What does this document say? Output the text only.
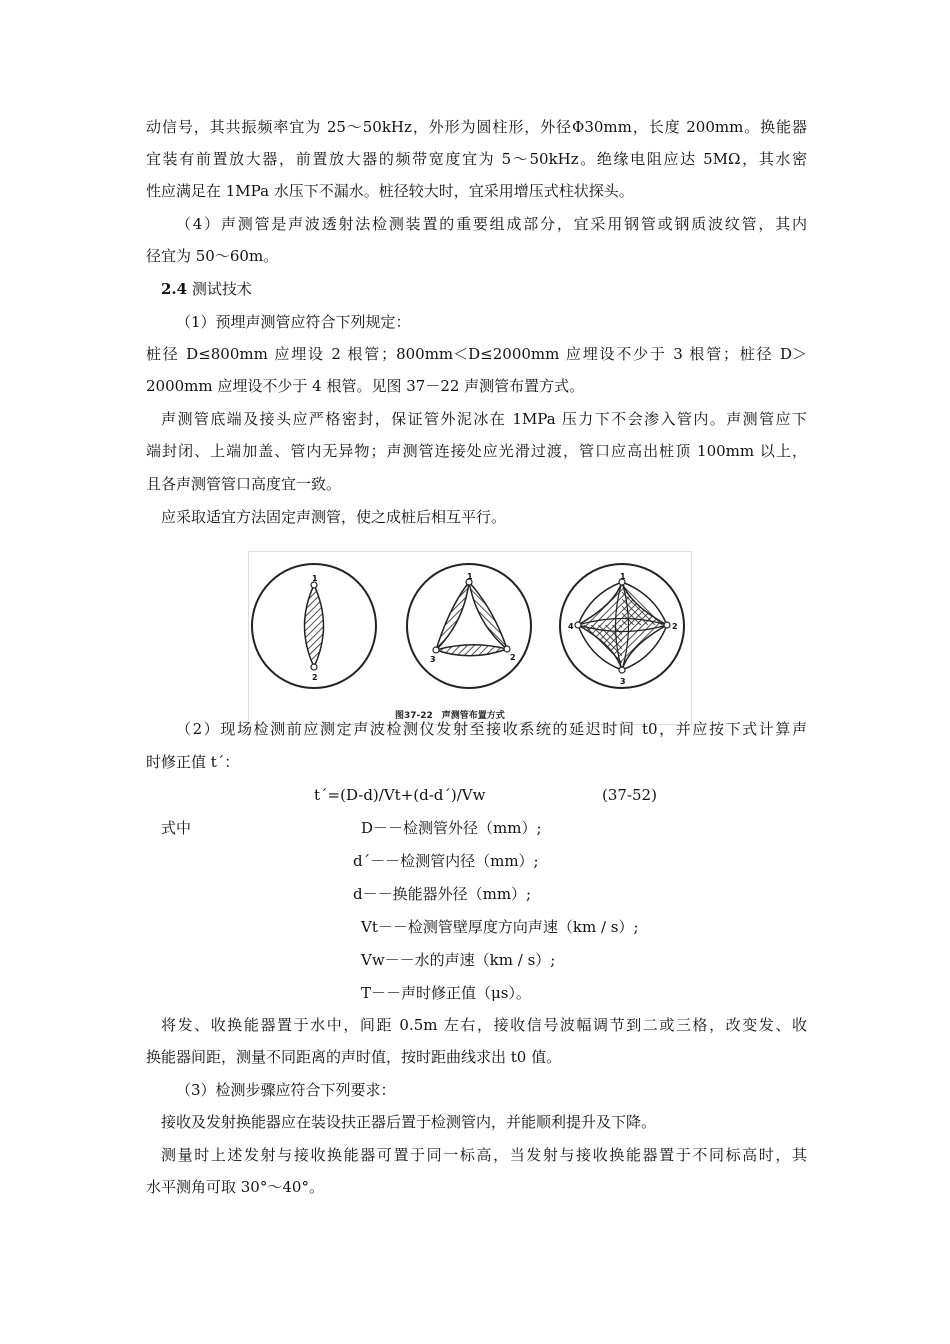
动信号，其共振频率宜为 25～50kHz，外形为圆柱形，外径Φ30mm，长度 200mm。换能器
宜装有前置放大器，前置放大器的频带宽度宜为 5～50kHz。绝缘电阻应达 5MΩ，其水密
性应满足在 1MPa 水压下不漏水。桩径较大时，宜采用增压式柱状探头。
（4）声测管是声波透射法检测装置的重要组成部分，宜采用钢管或钢质波纹管，其内
径宜为 50～60m。
2.4 测试技术
（1）预埋声测管应符合下列规定：
桩径 D≤800mm 应埋设 2 根管；800mm＜D≤2000mm 应埋设不少于 3 根管；桩径 D＞
2000mm 应埋设不少于 4 根管。见图 37－22 声测管布置方式。
声测管底端及接头应严格密封，保证管外泥冰在 1MPa 压力下不会渗入管内。声测管应下
端封闭、上端加盖、管内无异物；声测管连接处应光滑过渡，管口应高出桩顶 100mm 以上，
且各声测管管口高度宜一致。
应采取适宜方法固定声测管，使之成桩后相互平行。
1
2
1
3	2
1
4	2
3
图37-22　声测管布置方式
（2）现场检测前应测定声波检测仪发射至接收系统的延迟时间 t0，并应按下式计算声
时修正值 t´：
t´=(D-d)/Vt+(d-d´)/Vw	(37-52)
式中	D－－检测管外径（mm）;
d´－－检测管内径（mm）;
d－－换能器外径（mm）;
Vt－－检测管壁厚度方向声速（km / s）;
Vw－－水的声速（km / s）;
T－－声时修正值（μs）。
将发、收换能器置于水中，间距 0.5m 左右，接收信号波幅调节到二或三格，改变发、收
换能器间距，测量不同距离的声时值，按时距曲线求出 t0 值。
（3）检测步骤应符合下列要求：
接收及发射换能器应在装设扶正器后置于检测管内，并能顺利提升及下降。
测量时上述发射与接收换能器可置于同一标高，当发射与接收换能器置于不同标高时，其
水平测角可取 30°～40°。
